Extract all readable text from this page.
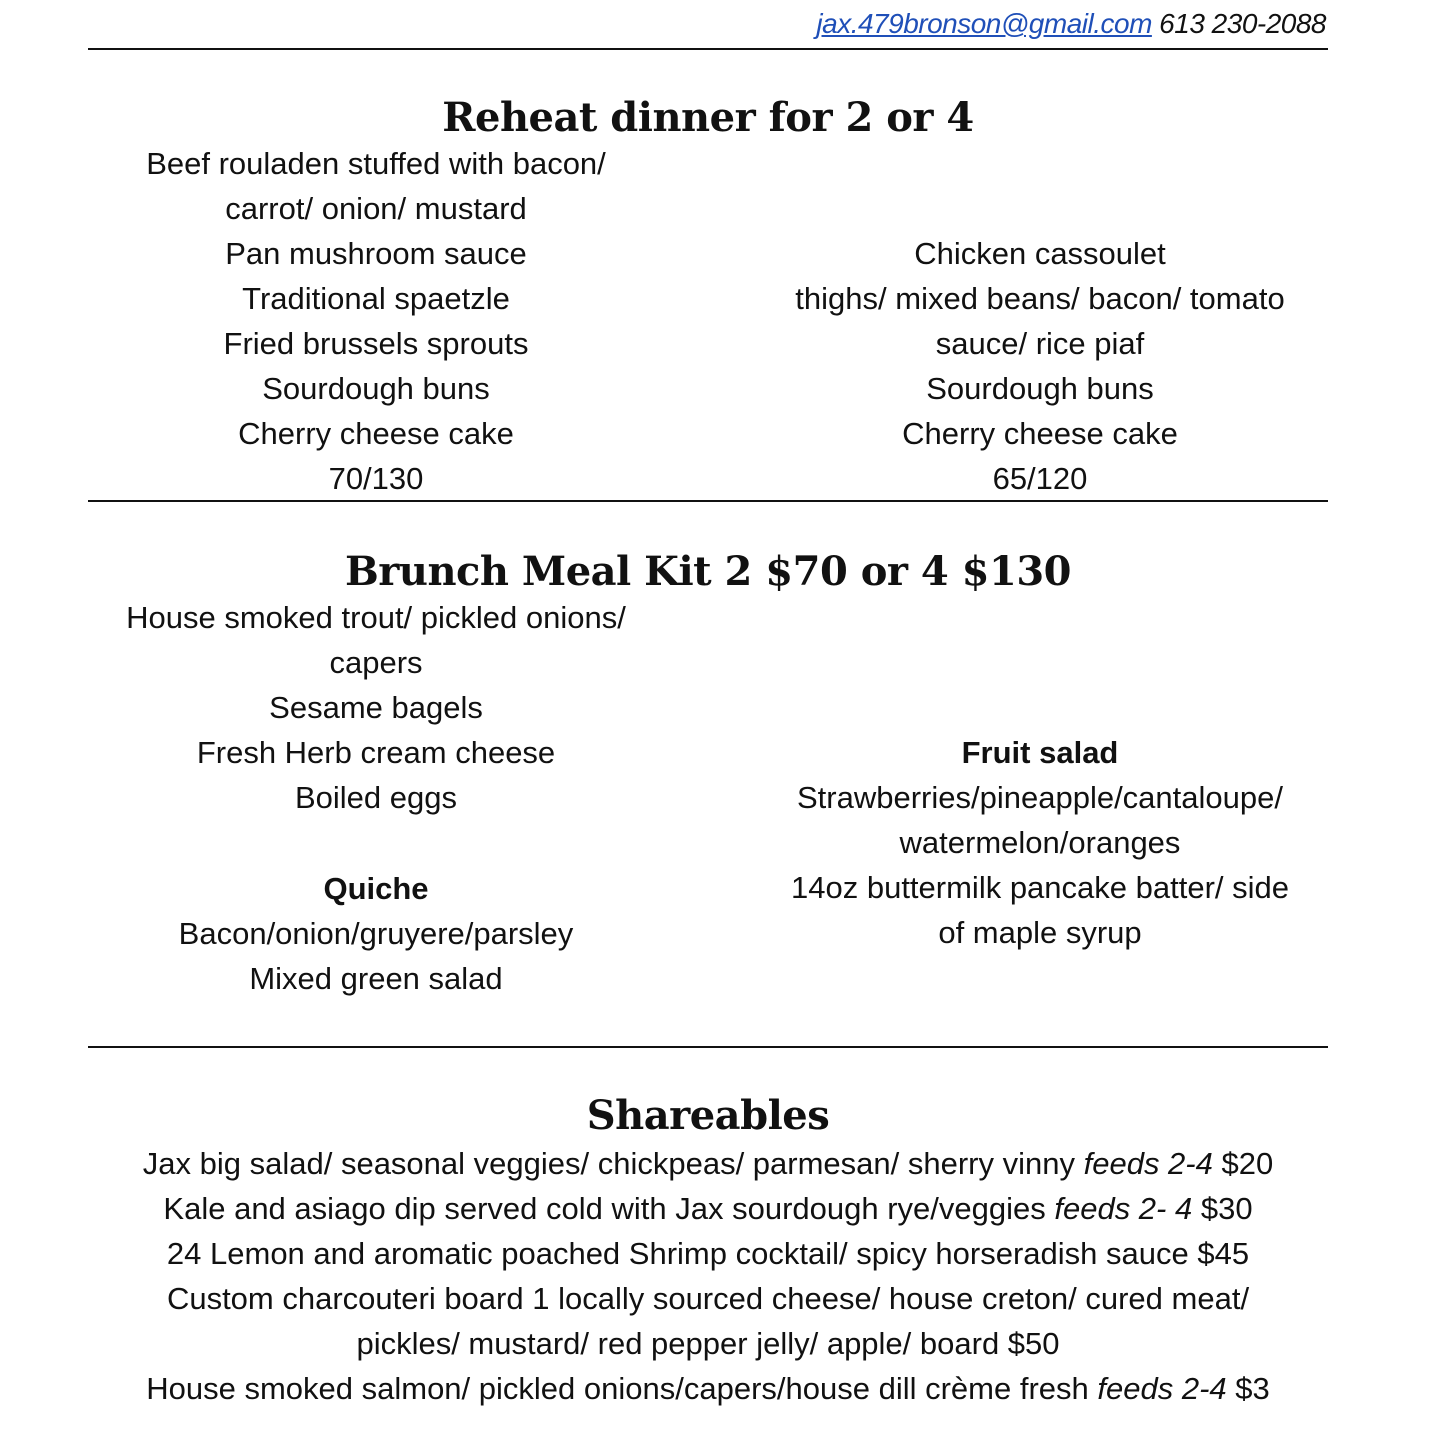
jax.479bronson@gmail.com 613 230-2088
Reheat dinner for 2 or 4
Beef rouladen stuffed with bacon/
carrot/ onion/ mustard
Pan mushroom sauce
Traditional spaetzle
Fried brussels sprouts
Sourdough buns
Cherry cheese cake
70/130
Chicken cassoulet
thighs/ mixed beans/ bacon/ tomato
sauce/ rice piaf
Sourdough buns
Cherry cheese cake
65/120
Brunch Meal Kit 2 $70 or 4 $130
House smoked trout/ pickled onions/
capers
Sesame bagels
Fresh Herb cream cheese
Boiled eggs
Quiche
Bacon/onion/gruyere/parsley
Mixed green salad
Fruit salad
Strawberries/pineapple/cantaloupe/
watermelon/oranges
14oz buttermilk pancake batter/ side
of maple syrup
Shareables
Jax big salad/ seasonal veggies/ chickpeas/ parmesan/ sherry vinny feeds 2-4 $20
Kale and asiago dip served cold with Jax sourdough rye/veggies feeds 2- 4 $30
24 Lemon and aromatic poached Shrimp cocktail/ spicy horseradish sauce $45
Custom charcouteri board 1 locally sourced cheese/ house creton/ cured meat/
pickles/ mustard/ red pepper jelly/ apple/ board $50
House smoked salmon/ pickled onions/capers/house dill crème fresh feeds 2-4 $3
